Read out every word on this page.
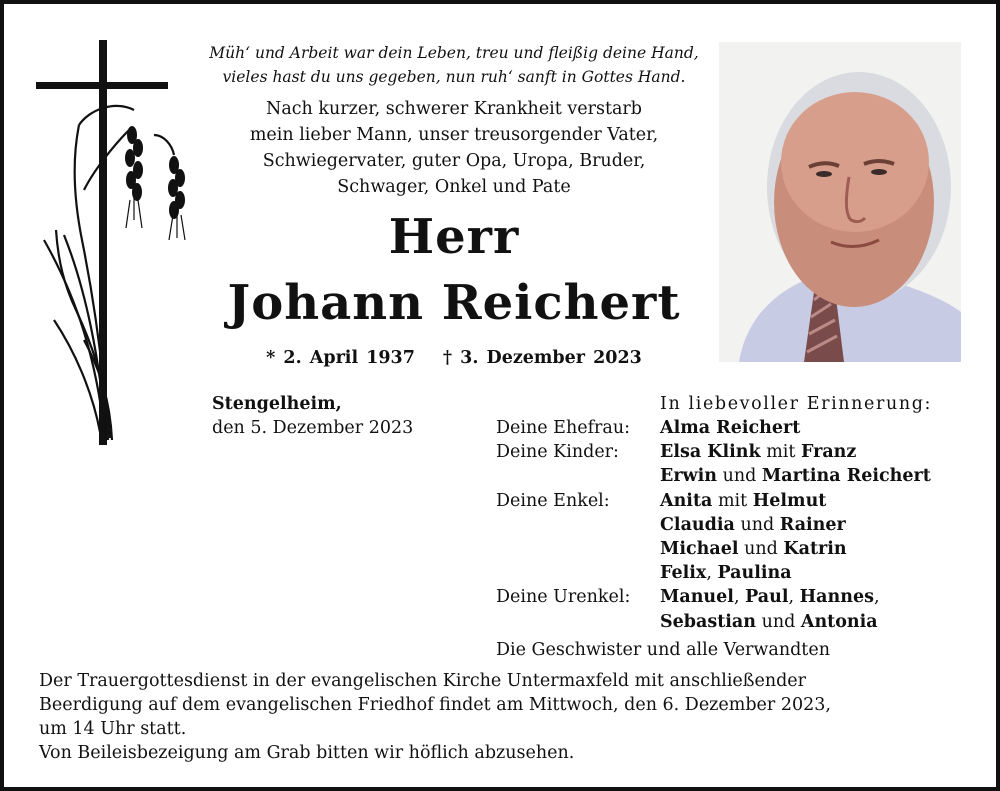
Müh‘ und Arbeit war dein Leben, treu und fleißig deine Hand,
vieles hast du uns gegeben, nun ruh‘ sanft in Gottes Hand.
Nach kurzer, schwerer Krankheit verstarb
mein lieber Mann, unser treusorgender Vater,
Schwiegervater, guter Opa, Uropa, Bruder,
Schwager, Onkel und Pate
Herr
Johann Reichert
* 2. April 1937 † 3. Dezember 2023
Stengelheim,
den 5. Dezember 2023
In liebevoller Erinnerung:
Deine Ehefrau:	Alma Reichert
Deine Kinder:	Elsa Klink mit Franz
Erwin und Martina Reichert
Deine Enkel:	Anita mit Helmut
Claudia und Rainer
Michael und Katrin
Felix, Paulina
Deine Urenkel:	Manuel, Paul, Hannes,
Sebastian und Antonia
Die Geschwister und alle Verwandten
Der Trauergottesdienst in der evangelischen Kirche Untermaxfeld mit anschließender
Beerdigung auf dem evangelischen Friedhof findet am Mittwoch, den 6. Dezember 2023,
um 14 Uhr statt.
Von Beileisbezeigung am Grab bitten wir höflich abzusehen.
